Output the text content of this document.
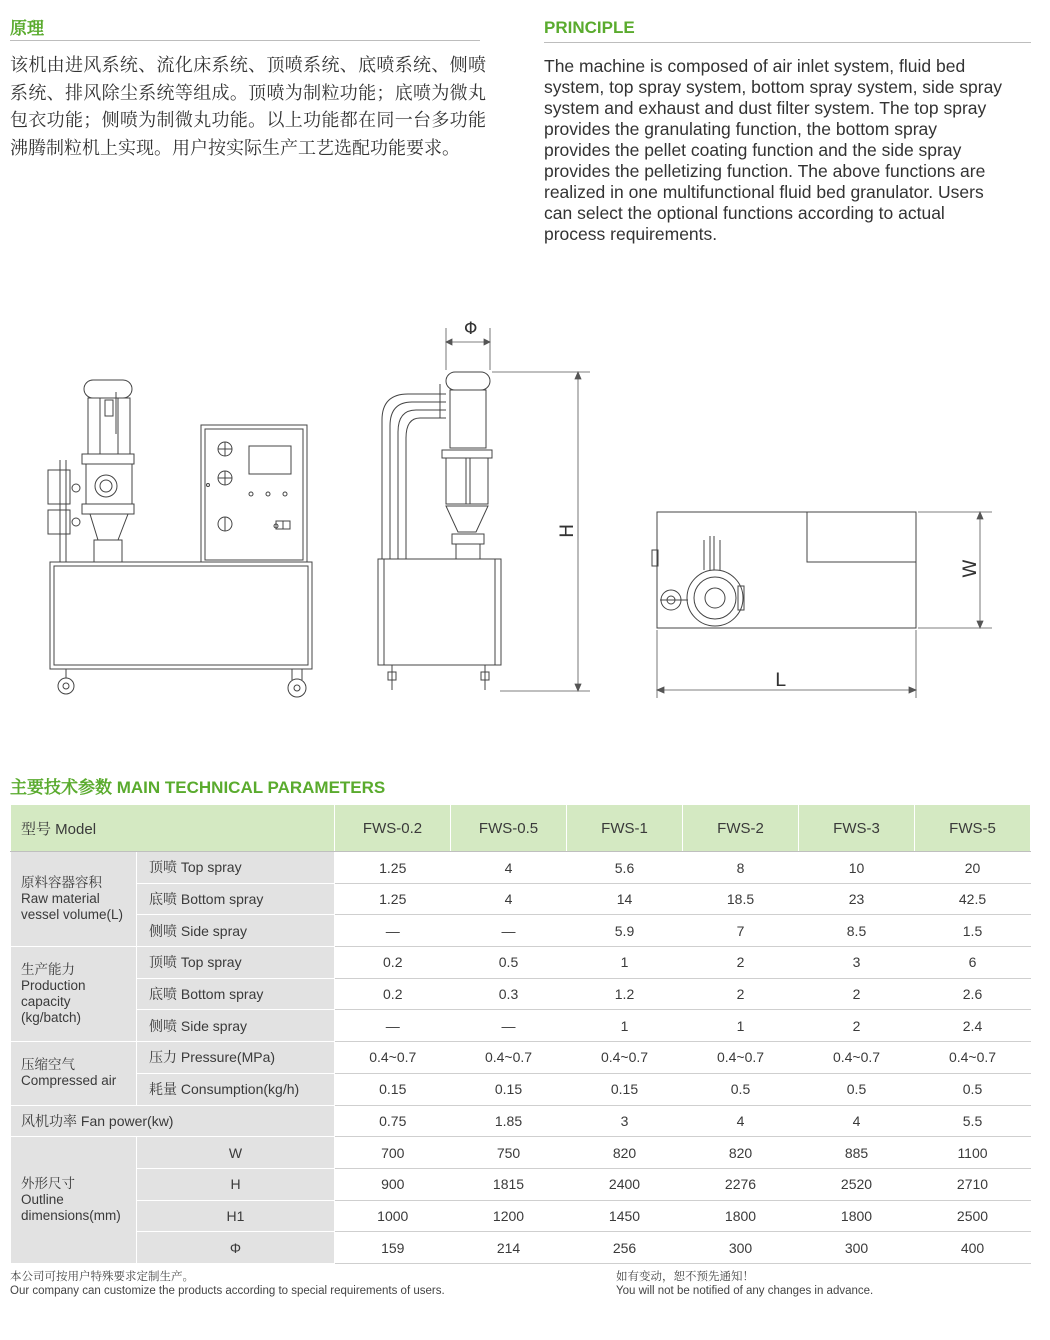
原理
该机由进风系统、流化床系统、顶喷系统、底喷系统、侧喷系统、排风除尘系统等组成。顶喷为制粒功能；底喷为微丸包衣功能；侧喷为制微丸功能。以上功能都在同一台多功能沸腾制粒机上实现。用户按实际生产工艺选配功能要求。
PRINCIPLE
The machine is composed of air inlet system, fluid bed
system, top spray system, bottom spray system, side spray
system and exhaust and dust filter system. The top spray
provides the granulating function, the bottom spray
provides the pellet coating function and the side spray
provides the pelletizing function. The above functions are
realized in one multifunctional fluid bed granulator. Users
can select the optional functions according to actual
process requirements.
Φ
H
W
L
主要技术参数 MAIN TECHNICAL PARAMETERS
型号 Model		FWS-0.2	FWS-0.5	FWS-1	FWS-2	FWS-3	FWS-5

原料容器容积
Raw material
vessel volume(L)	顶喷 Top spray	1.25	4	5.6	8	10	20
	底喷 Bottom spray	1.25	4	14	18.5	23	42.5
	侧喷 Side spray	—	—	5.9	7	8.5	1.5

生产能力
Production
capacity
(kg/batch)	顶喷 Top spray	0.2	0.5	1	2	3	6
	底喷 Bottom spray	0.2	0.3	1.2	2	2	2.6
	侧喷 Side spray	—	—	1	1	2	2.4

压缩空气
Compressed air	压力 Pressure(MPa)	0.4~0.7	0.4~0.7	0.4~0.7	0.4~0.7	0.4~0.7	0.4~0.7
	耗量 Consumption(kg/h)	0.15	0.15	0.15	0.5	0.5	0.5
风机功率 Fan power(kw)		0.75	1.85	3	4	4	5.5

外形尺寸
Outline
dimensions(mm)	W	700	750	820	820	885	1100
	H	900	1815	2400	2276	2520	2710
	H1	1000	1200	1450	1800	1800	2500
	Φ	159	214	256	300	300	400
本公司可按用户特殊要求定制生产。
Our company can customize the products according to special requirements of users.
如有变动，恕不预先通知！
You will not be notified of any changes in advance.
